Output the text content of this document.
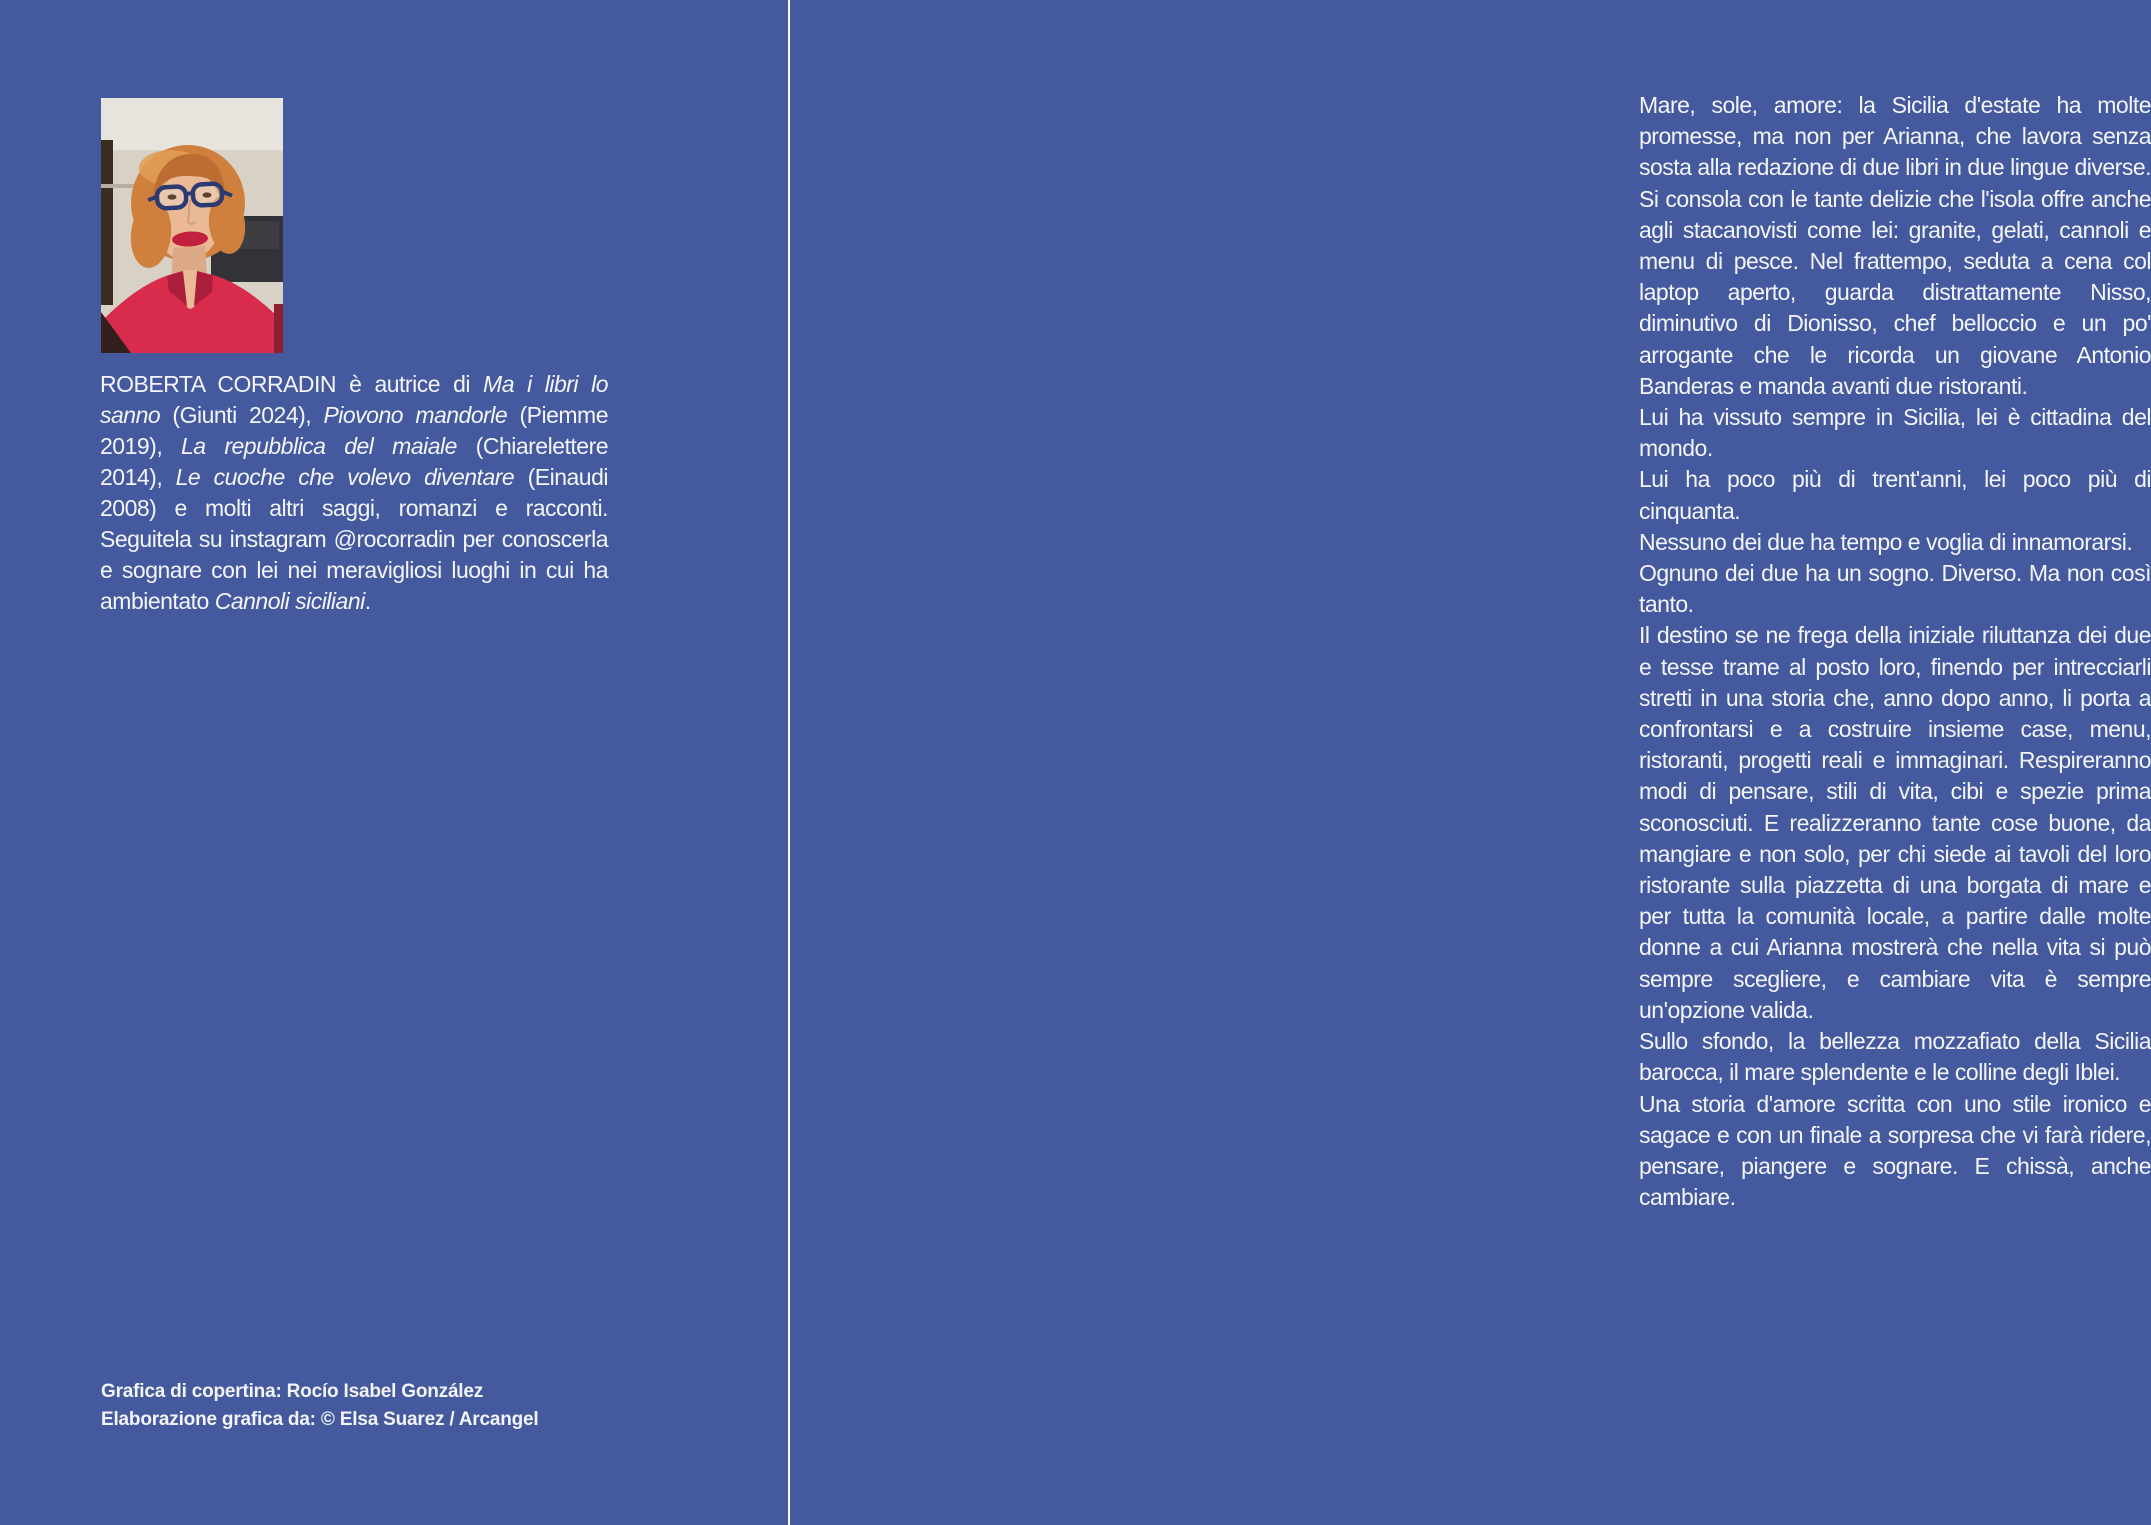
ROBERTA CORRADIN è autrice di Ma i libri lo sanno (Giunti 2024), Piovono mandorle (Piemme 2019), La repubblica del maiale (Chiarelettere 2014), Le cuoche che volevo diventare (Einaudi 2008) e molti altri saggi, romanzi e racconti. Seguitela su instagram @rocorradin per conoscerla e sognare con lei nei meravigliosi luoghi in cui ha ambientato Cannoli siciliani.

Grafica di copertina: Rocío Isabel González

Elaborazione grafica da: © Elsa Suarez / Arcangel

Mare, sole, amore: la Sicilia d'estate ha molte promesse, ma non per Arianna, che lavora senza sosta alla redazione di due libri in due lingue diverse. Si consola con le tante delizie che l'isola offre anche agli stacanovisti come lei: granite, gelati, cannoli e menu di pesce. Nel frattempo, seduta a cena col laptop aperto, guarda distrattamente Nisso, diminutivo di Dionisso, chef belloccio e un po' arrogante che le ricorda un giovane Antonio Banderas e manda avanti due ristoranti.

Lui ha vissuto sempre in Sicilia, lei è cittadina del mondo.

Lui ha poco più di trent'anni, lei poco più di cinquanta.

Nessuno dei due ha tempo e voglia di innamorarsi.

Ognuno dei due ha un sogno. Diverso. Ma non così tanto.

Il destino se ne frega della iniziale riluttanza dei due e tesse trame al posto loro, finendo per intrecciarli stretti in una storia che, anno dopo anno, li porta a confrontarsi e a costruire insieme case, menu, ristoranti, progetti reali e immaginari. Respireranno modi di pensare, stili di vita, cibi e spezie prima sconosciuti. E realizzeranno tante cose buone, da mangiare e non solo, per chi siede ai tavoli del loro ristorante sulla piazzetta di una borgata di mare e per tutta la comunità locale, a partire dalle molte donne a cui Arianna mostrerà che nella vita si può sempre scegliere, e cambiare vita è sempre un'opzione valida.

Sullo sfondo, la bellezza mozzafiato della Sicilia barocca, il mare splendente e le colline degli Iblei.

Una storia d'amore scritta con uno stile ironico e sagace e con un finale a sorpresa che vi farà ridere, pensare, piangere e sognare. E chissà, anche cambiare.
